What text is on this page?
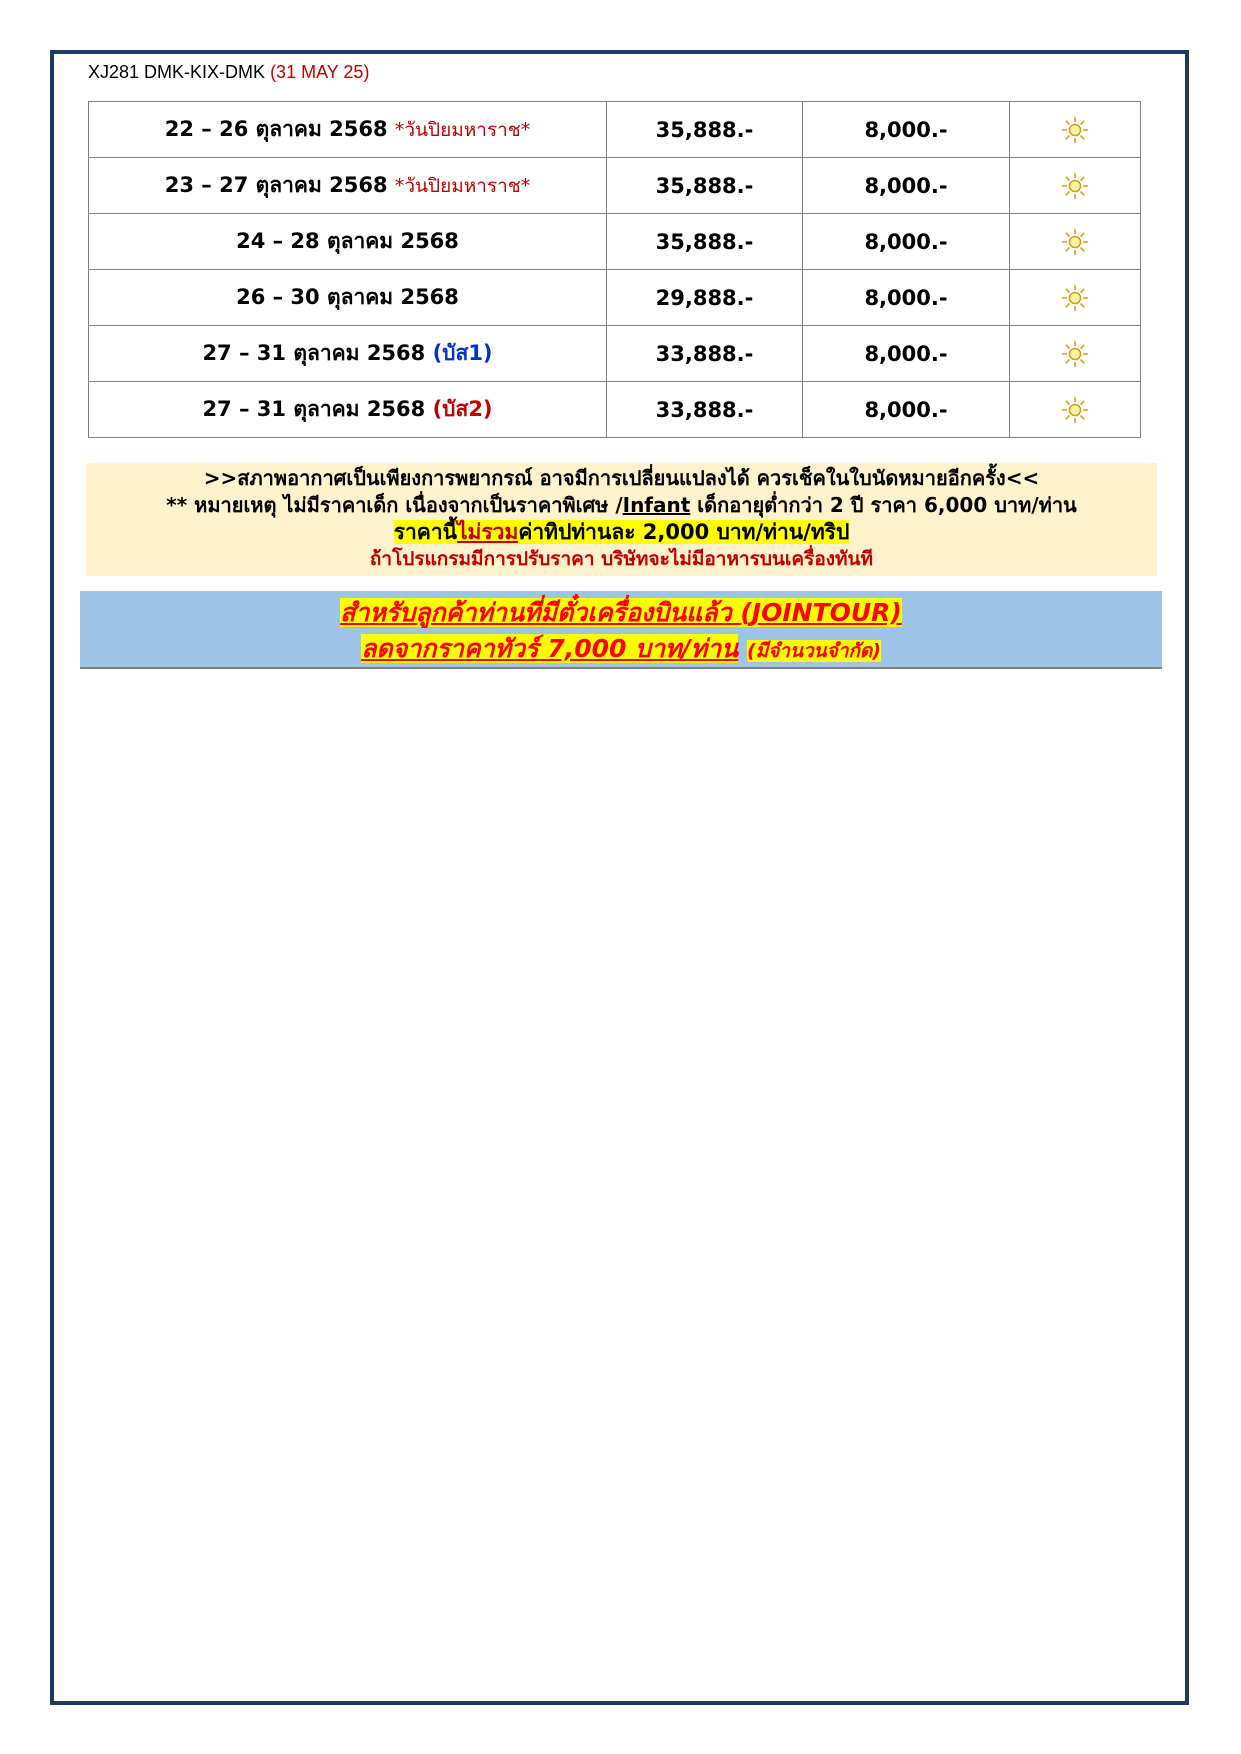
XJ281 DMK-KIX-DMK (31 MAY 25)
22 – 26 ตุลาคม 2568 *วันปิยมหาราช*	35,888.-	8,000.-	
23 – 27 ตุลาคม 2568 *วันปิยมหาราช*	35,888.-	8,000.-	
24 – 28 ตุลาคม 2568	35,888.-	8,000.-	
26 – 30 ตุลาคม 2568	29,888.-	8,000.-	
27 – 31 ตุลาคม 2568 (บัส1)	33,888.-	8,000.-	
27 – 31 ตุลาคม 2568 (บัส2)	33,888.-	8,000.-	
>>สภาพอากาศเป็นเพียงการพยากรณ์ อาจมีการเปลี่ยนแปลงได้ ควรเช็คในใบนัดหมายอีกครั้ง<<
** หมายเหตุ ไม่มีราคาเด็ก เนื่องจากเป็นราคาพิเศษ /Infant เด็กอายุต่ำกว่า 2 ปี ราคา 6,000 บาท/ท่าน
ราคานี้ไม่รวมค่าทิปท่านละ 2,000 บาท/ท่าน/ทริป
ถ้าโปรแกรมมีการปรับราคา บริษัทจะไม่มีอาหารบนเครื่องทันที
สำหรับลูกค้าท่านที่มีตั๋วเครื่องบินแล้ว (JOINTOUR)
ลดจากราคาทัวร์ 7,000 บาท/ท่าน (มีจำนวนจำกัด)
